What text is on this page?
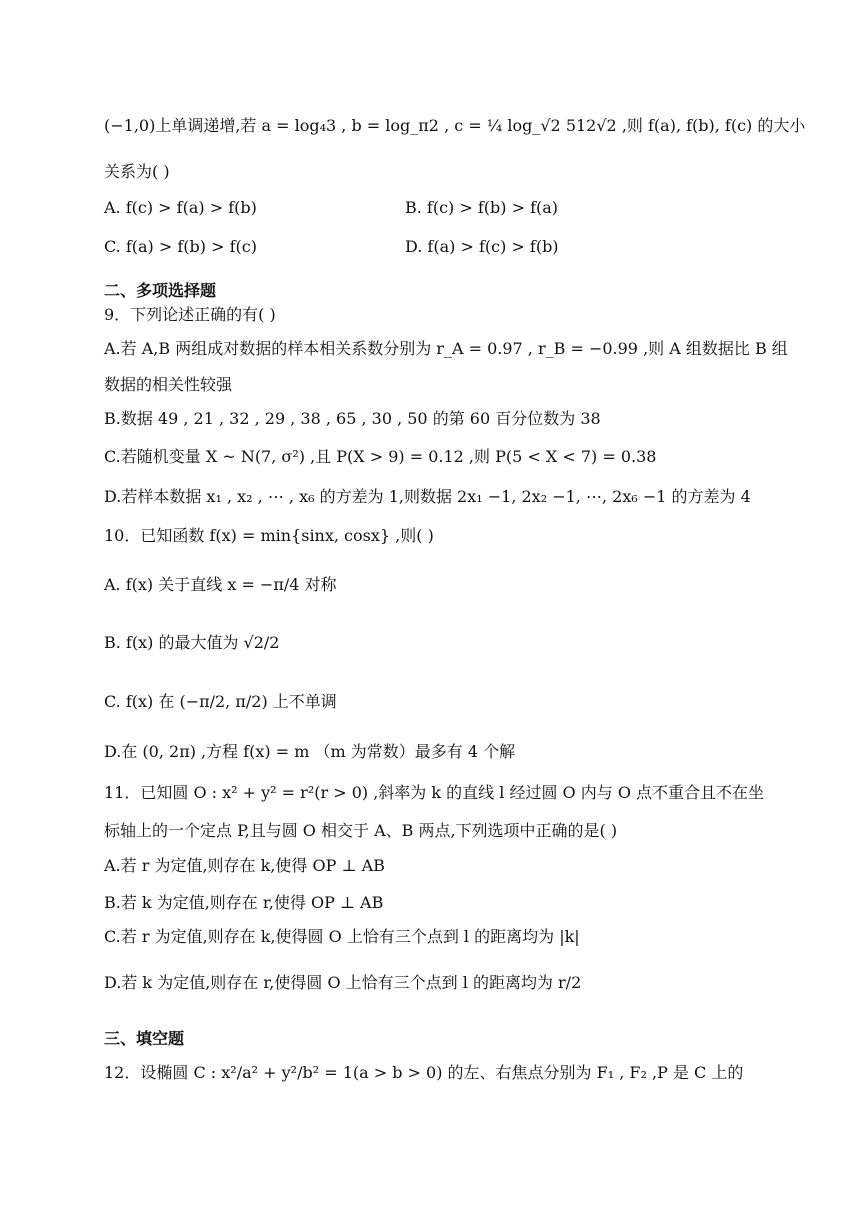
(−1,0)上单调递增,若 a = log₄3 , b = log_π2 , c = ¼ log_√2 512√2 ,则 f(a), f(b), f(c) 的大小
关系为( )
A. f(c) > f(a) > f(b)	B. f(c) > f(b) > f(a)
C. f(a) > f(b) > f(c)	D. f(a) > f(c) > f(b)
二、多项选择题
9．下列论述正确的有( )
A.若 A,B 两组成对数据的样本相关系数分别为 r_A = 0.97 , r_B = −0.99 ,则 A 组数据比 B 组
数据的相关性较强
B.数据 49 , 21 , 32 , 29 , 38 , 65 , 30 , 50 的第 60 百分位数为 38
C.若随机变量 X ~ N(7, σ²) ,且 P(X > 9) = 0.12 ,则 P(5 < X < 7) = 0.38
D.若样本数据 x₁ , x₂ , ⋯ , x₆ 的方差为 1,则数据 2x₁ −1, 2x₂ −1, ⋯, 2x₆ −1 的方差为 4
10．已知函数 f(x) = min{sinx, cosx} ,则( )
A. f(x) 关于直线 x = −π/4 对称
B. f(x) 的最大值为 √2/2
C. f(x) 在 (−π/2, π/2) 上不单调
D.在 (0, 2π) ,方程 f(x) = m （m 为常数）最多有 4 个解
11．已知圆 O : x² + y² = r²(r > 0) ,斜率为 k 的直线 l 经过圆 O 内与 O 点不重合且不在坐
标轴上的一个定点 P,且与圆 O 相交于 A、B 两点,下列选项中正确的是( )
A.若 r 为定值,则存在 k,使得 OP ⊥ AB
B.若 k 为定值,则存在 r,使得 OP ⊥ AB
C.若 r 为定值,则存在 k,使得圆 O 上恰有三个点到 l 的距离均为 |k|
D.若 k 为定值,则存在 r,使得圆 O 上恰有三个点到 l 的距离均为 r/2
三、填空题
12．设椭圆 C : x²/a² + y²/b² = 1(a > b > 0) 的左、右焦点分别为 F₁ , F₂ ,P 是 C 上的
